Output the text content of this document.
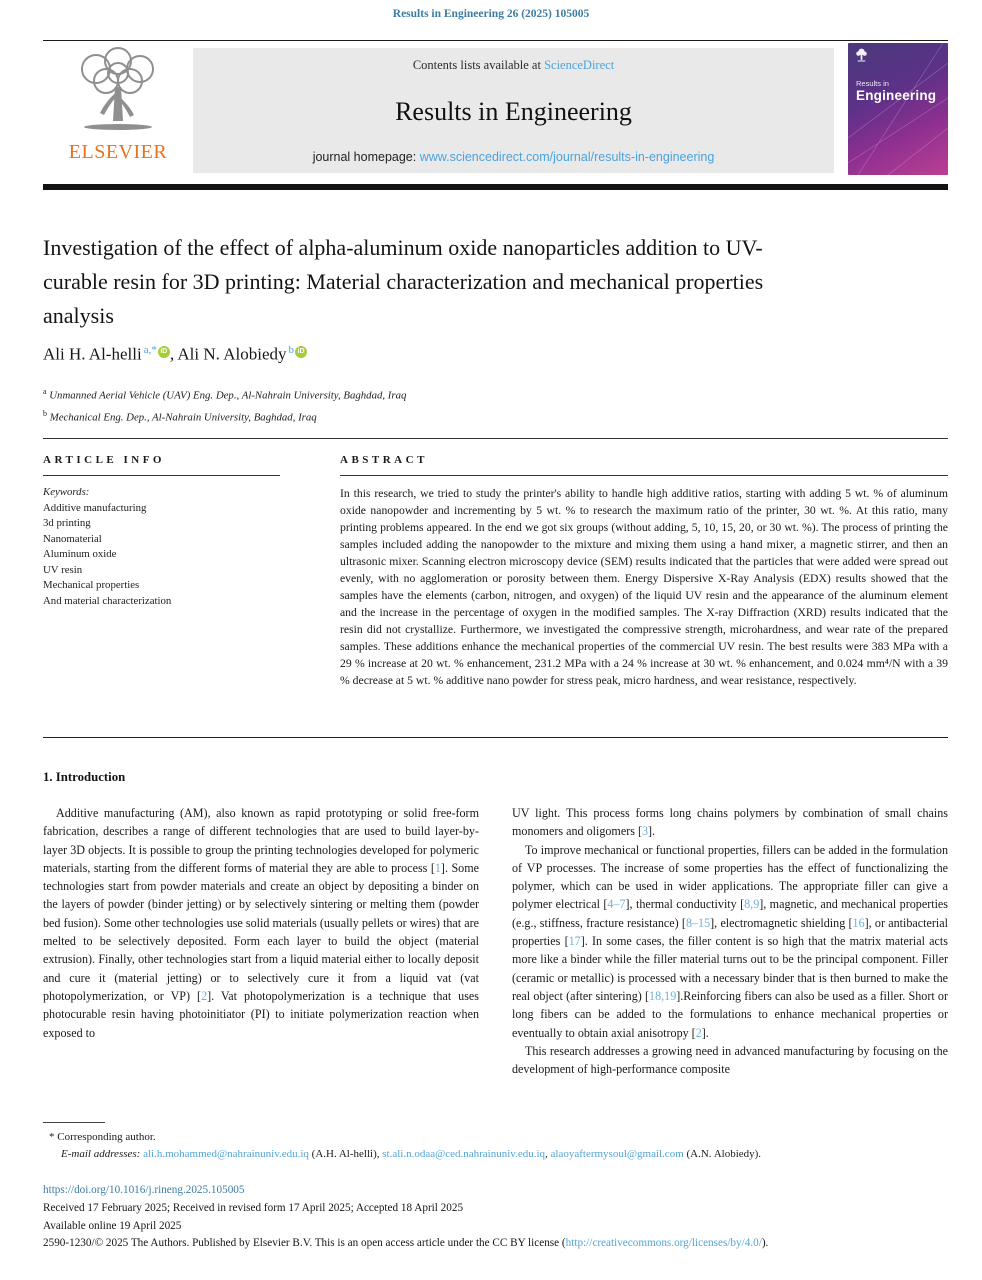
Results in Engineering 26 (2025) 105005
ELSEVIER
Contents lists available at ScienceDirect
Results in Engineering
journal homepage: www.sciencedirect.com/journal/results-in-engineering
Results in
Engineering
Investigation of the effect of alpha-aluminum oxide nanoparticles addition to UV-curable resin for 3D printing: Material characterization and mechanical properties analysis
Ali H. Al-helli $^{a,*}$ iD , Ali N. Alobiedy $^b$ iD
$^a$ Unmanned Aerial Vehicle (UAV) Eng. Dep., Al-Nahrain University, Baghdad, Iraq
$^b$ Mechanical Eng. Dep., Al-Nahrain University, Baghdad, Iraq
ARTICLE INFO
Keywords:
Additive manufacturing
3d printing
Nanomaterial
Aluminum oxide
UV resin
Mechanical properties
And material characterization
ABSTRACT
In this research, we tried to study the printer's ability to handle high additive ratios, starting with adding 5 wt. % of aluminum oxide nanopowder and incrementing by 5 wt. % to research the maximum ratio of the printer, 30 wt. %. At this ratio, many printing problems appeared. In the end we got six groups (without adding, 5, 10, 15, 20, or 30 wt. %). The process of printing the samples included adding the nanopowder to the mixture and mixing them using a hand mixer, a magnetic stirrer, and then an ultrasonic mixer. Scanning electron microscopy device (SEM) results indicated that the particles that were added were spread out evenly, with no agglomeration or porosity between them. Energy Dispersive X-Ray Analysis (EDX) results showed that the samples have the elements (carbon, nitrogen, and oxygen) of the liquid UV resin and the appearance of the aluminum element and the increase in the percentage of oxygen in the modified samples. The X-ray Diffraction (XRD) results indicated that the resin did not crystallize. Furthermore, we investigated the compressive strength, microhardness, and wear rate of the prepared samples. These additions enhance the mechanical properties of the commercial UV resin. The best results were 383 MPa with a 29 % increase at 20 wt. % enhancement, 231.2 MPa with a 24 % increase at 30 wt. % enhancement, and 0.024 mm⁴/N with a 39 % decrease at 5 wt. % additive nano powder for stress peak, micro hardness, and wear resistance, respectively.
1. Introduction

Additive manufacturing (AM), also known as rapid prototyping or solid free-form fabrication, describes a range of different technologies that are used to build layer-by-layer 3D objects. It is possible to group the printing technologies developed for polymeric materials, starting from the different forms of material they are able to process [1]. Some technologies start from powder materials and create an object by depositing a binder on the layers of powder (binder jetting) or by selectively sintering or melting them (powder bed fusion). Some other technologies use solid materials (usually pellets or wires) that are melted to be selectively deposited. Form each layer to build the object (material extrusion). Finally, other technologies start from a liquid material either to locally deposit and cure it (material jetting) or to selectively cure it from a liquid vat (vat photopolymerization, or VP) [2]. Vat photopolymerization is a technique that uses photocurable resin having photoinitiator (PI) to initiate polymerization reaction when exposed to

UV light. This process forms long chains polymers by combination of small chains monomers and oligomers [3].

To improve mechanical or functional properties, fillers can be added in the formulation of VP processes. The increase of some properties has the effect of functionalizing the polymer, which can be used in wider applications. The appropriate filler can give a polymer electrical [4–7], thermal conductivity [8,9], magnetic, and mechanical properties (e.g., stiffness, fracture resistance) [8–15], electromagnetic shielding [16], or antibacterial properties [17]. In some cases, the filler content is so high that the matrix material acts more like a binder while the filler material turns out to be the principal component. Filler (ceramic or metallic) is processed with a necessary binder that is then burned to make the real object (after sintering) [18,19].Reinforcing fibers can also be used as a filler. Short or long fibers can be added to the formulations to enhance mechanical properties or eventually to obtain axial anisotropy [2].

This research addresses a growing need in advanced manufacturing by focusing on the development of high-performance composite

* Corresponding author.
E-mail addresses: ali.h.mohammed@nahrainuniv.edu.iq (A.H. Al-helli), st.ali.n.odaa@ced.nahrainuniv.edu.iq, alaoyaftermysoul@gmail.com (A.N. Alobiedy).
https://doi.org/10.1016/j.rineng.2025.105005
Received 17 February 2025; Received in revised form 17 April 2025; Accepted 18 April 2025
Available online 19 April 2025
2590-1230/© 2025 The Authors. Published by Elsevier B.V. This is an open access article under the CC BY license (http://creativecommons.org/licenses/by/4.0/).
